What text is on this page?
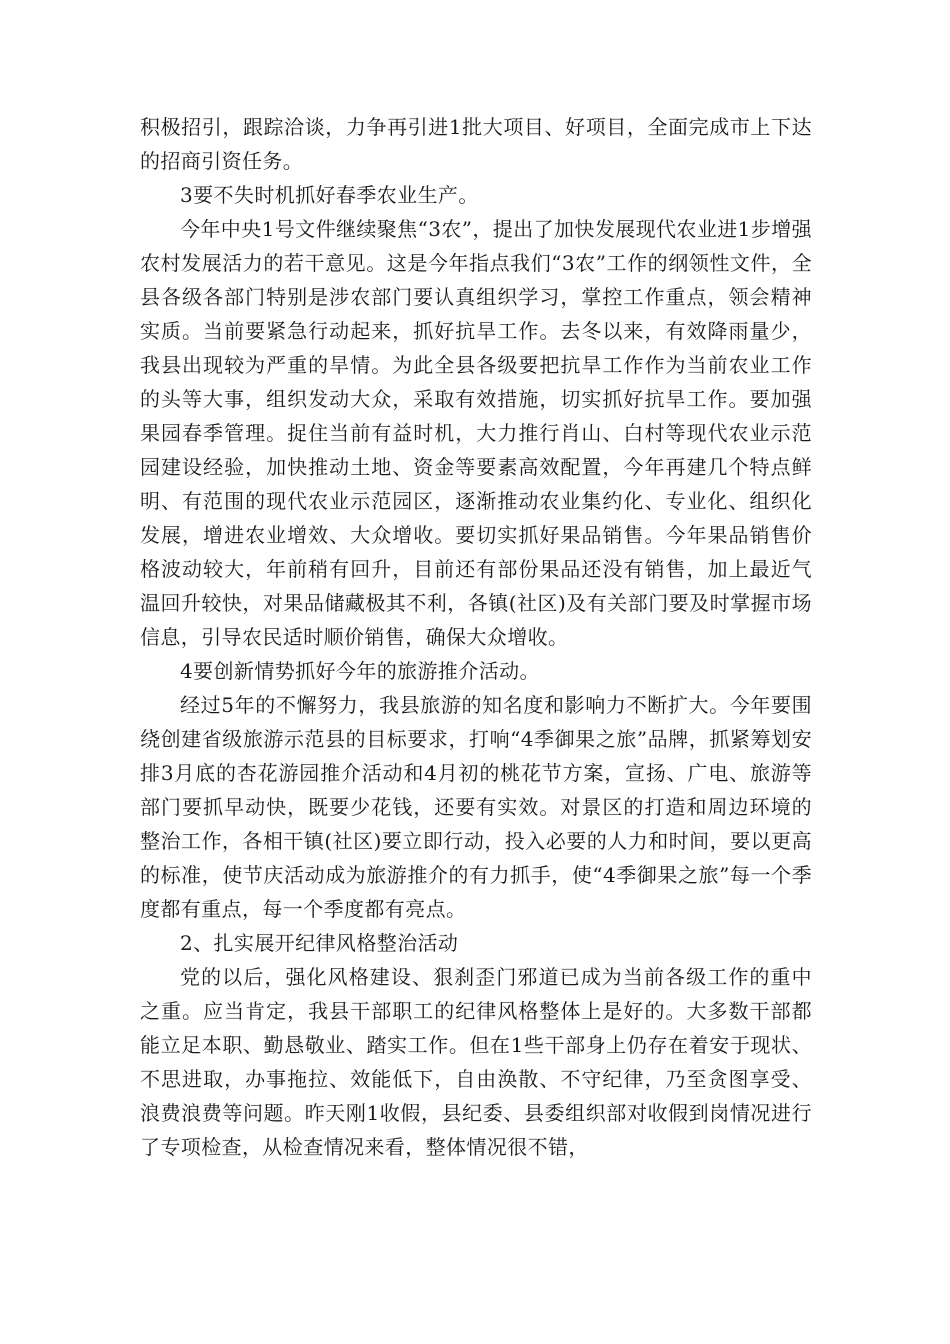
积极招引，跟踪洽谈，力争再引进1批大项目、好项目，全面完成市上下达的招商引资任务。

3要不失时机抓好春季农业生产。

今年中央1号文件继续聚焦“3农”，提出了加快发展现代农业进1步增强农村发展活力的若干意见。这是今年指点我们“3农”工作的纲领性文件，全县各级各部门特别是涉农部门要认真组织学习，掌控工作重点，领会精神实质。当前要紧急行动起来，抓好抗旱工作。去冬以来，有效降雨量少，我县出现较为严重的旱情。为此全县各级要把抗旱工作作为当前农业工作的头等大事，组织发动大众，采取有效措施，切实抓好抗旱工作。要加强果园春季管理。捉住当前有益时机，大力推行肖山、白村等现代农业示范园建设经验，加快推动土地、资金等要素高效配置，今年再建几个特点鲜明、有范围的现代农业示范园区，逐渐推动农业集约化、专业化、组织化发展，增进农业增效、大众增收。要切实抓好果品销售。今年果品销售价格波动较大，年前稍有回升，目前还有部份果品还没有销售，加上最近气温回升较快，对果品储藏极其不利，各镇(社区)及有关部门要及时掌握市场信息，引导农民适时顺价销售，确保大众增收。

4要创新情势抓好今年的旅游推介活动。

经过5年的不懈努力，我县旅游的知名度和影响力不断扩大。今年要围绕创建省级旅游示范县的目标要求，打响“4季御果之旅”品牌，抓紧筹划安排3月底的杏花游园推介活动和4月初的桃花节方案，宣扬、广电、旅游等部门要抓早动快，既要少花钱，还要有实效。对景区的打造和周边环境的整治工作，各相干镇(社区)要立即行动，投入必要的人力和时间，要以更高的标准，使节庆活动成为旅游推介的有力抓手，使“4季御果之旅”每一个季度都有重点，每一个季度都有亮点。

2、扎实展开纪律风格整治活动

党的以后，强化风格建设、狠刹歪门邪道已成为当前各级工作的重中之重。应当肯定，我县干部职工的纪律风格整体上是好的。大多数干部都能立足本职、勤恳敬业、踏实工作。但在1些干部身上仍存在着安于现状、不思进取，办事拖拉、效能低下，自由涣散、不守纪律，乃至贪图享受、浪费浪费等问题。昨天刚1收假，县纪委、县委组织部对收假到岗情况进行了专项检查，从检查情况来看，整体情况很不错，
